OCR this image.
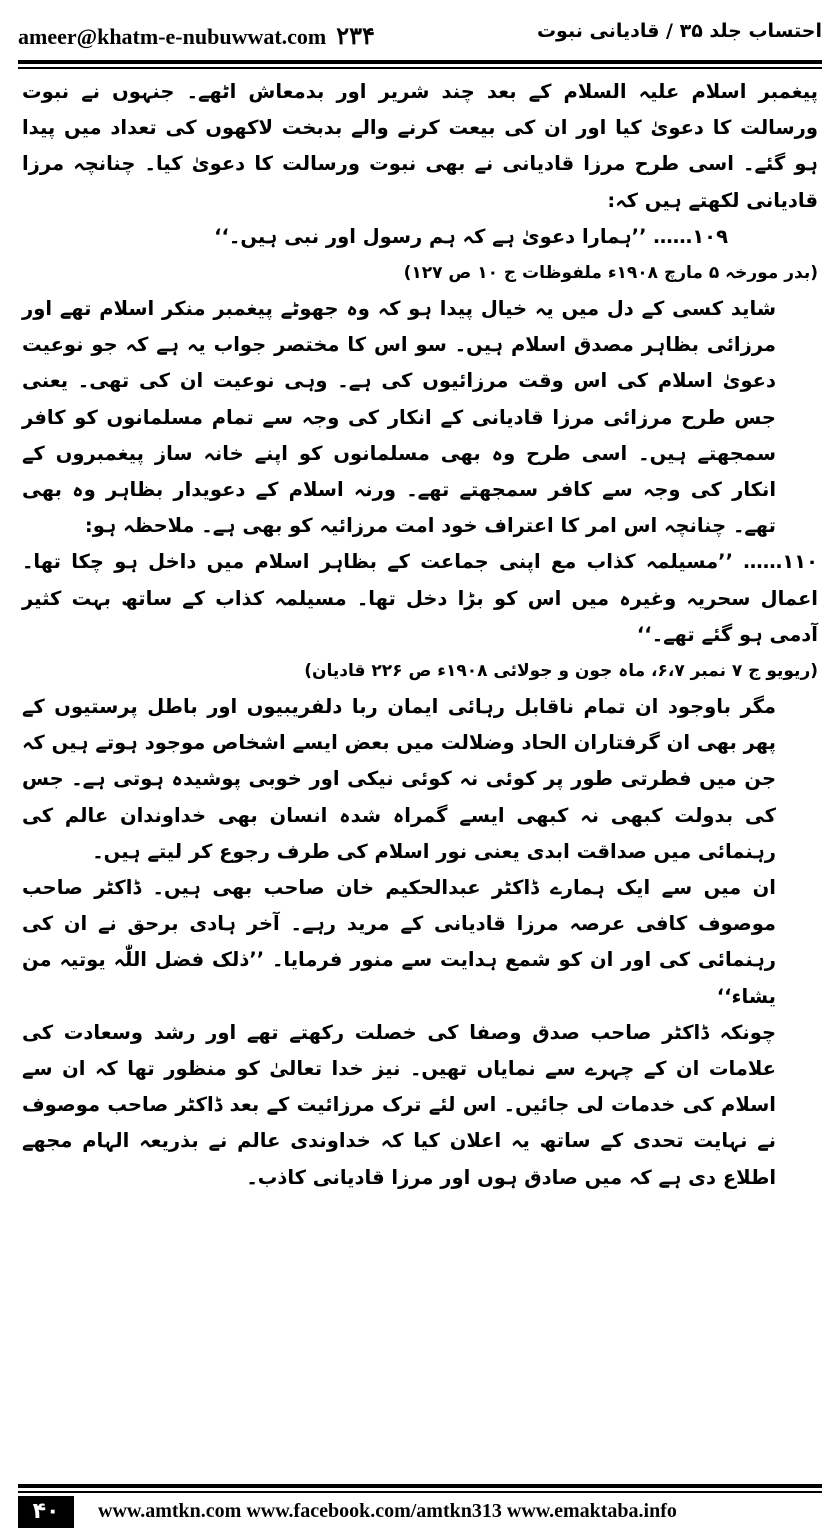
ameer@khatm-e-nubuwwat.com ۲۳۴	احتساب جلد ۳۵ / قادیانی نبوت

پیغمبر اسلام علیہ السلام کے بعد چند شریر اور بدمعاش اٹھے۔ جنہوں نے نبوت ورسالت کا دعویٰ کیا اور ان کی بیعت کرنے والے بدبخت لاکھوں کی تعداد میں پیدا ہو گئے۔ اسی طرح مرزا قادیانی نے بھی نبوت ورسالت کا دعویٰ کیا۔ چنانچہ مرزا قادیانی لکھتے ہیں کہ:

۱۰۹…… ’’ہمارا دعویٰ ہے کہ ہم رسول اور نبی ہیں۔‘‘

(بدر مورخہ ۵ مارچ ۱۹۰۸ء ملفوظات ج ۱۰ ص ۱۲۷)

شاید کسی کے دل میں یہ خیال پیدا ہو کہ وہ جھوٹے پیغمبر منکر اسلام تھے اور مرزائی بظاہر مصدق اسلام ہیں۔ سو اس کا مختصر جواب یہ ہے کہ جو نوعیت دعویٰ اسلام کی اس وقت مرزائیوں کی ہے۔ وہی نوعیت ان کی تھی۔ یعنی جس طرح مرزائی مرزا قادیانی کے انکار کی وجہ سے تمام مسلمانوں کو کافر سمجھتے ہیں۔ اسی طرح وہ بھی مسلمانوں کو اپنے خانہ ساز پیغمبروں کے انکار کی وجہ سے کافر سمجھتے تھے۔ ورنہ اسلام کے دعویدار بظاہر وہ بھی تھے۔ چنانچہ اس امر کا اعتراف خود امت مرزائیہ کو بھی ہے۔ ملاحظہ ہو:

۱۱۰…… ’’مسیلمہ کذاب مع اپنی جماعت کے بظاہر اسلام میں داخل ہو چکا تھا۔ اعمال سحریہ وغیرہ میں اس کو بڑا دخل تھا۔ مسیلمہ کذاب کے ساتھ بہت کثیر آدمی ہو گئے تھے۔‘‘

(ریویو ج ۷ نمبر ۶،۷، ماہ جون و جولائی ۱۹۰۸ء ص ۲۲۶ قادیان)

مگر باوجود ان تمام ناقابل رہائی ایمان ربا دلفریبیوں اور باطل پرستیوں کے پھر بھی ان گرفتاران الحاد وضلالت میں بعض ایسے اشخاص موجود ہوتے ہیں کہ جن میں فطرتی طور پر کوئی نہ کوئی نیکی اور خوبی پوشیدہ ہوتی ہے۔ جس کی بدولت کبھی نہ کبھی ایسے گمراہ شدہ انسان بھی خداوندان عالم کی رہنمائی میں صداقت ابدی یعنی نور اسلام کی طرف رجوع کر لیتے ہیں۔

ان میں سے ایک ہمارے ڈاکٹر عبدالحکیم خان صاحب بھی ہیں۔ ڈاکٹر صاحب موصوف کافی عرصہ مرزا قادیانی کے مرید رہے۔ آخر ہادی برحق نے ان کی رہنمائی کی اور ان کو شمع ہدایت سے منور فرمایا۔ ’’ذلک فضل اللّٰہ یوتیہ من یشاء‘‘

چونکہ ڈاکٹر صاحب صدق وصفا کی خصلت رکھتے تھے اور رشد وسعادت کی علامات ان کے چہرے سے نمایاں تھیں۔ نیز خدا تعالیٰ کو منظور تھا کہ ان سے اسلام کی خدمات لی جائیں۔ اس لئے ترک مرزائیت کے بعد ڈاکٹر صاحب موصوف نے نہایت تحدی کے ساتھ یہ اعلان کیا کہ خداوندی عالم نے بذریعہ الہام مجھے اطلاع دی ہے کہ میں صادق ہوں اور مرزا قادیانی کاذب۔

۴۰	www.amtkn.com www.facebook.com/amtkn313 www.emaktaba.info
